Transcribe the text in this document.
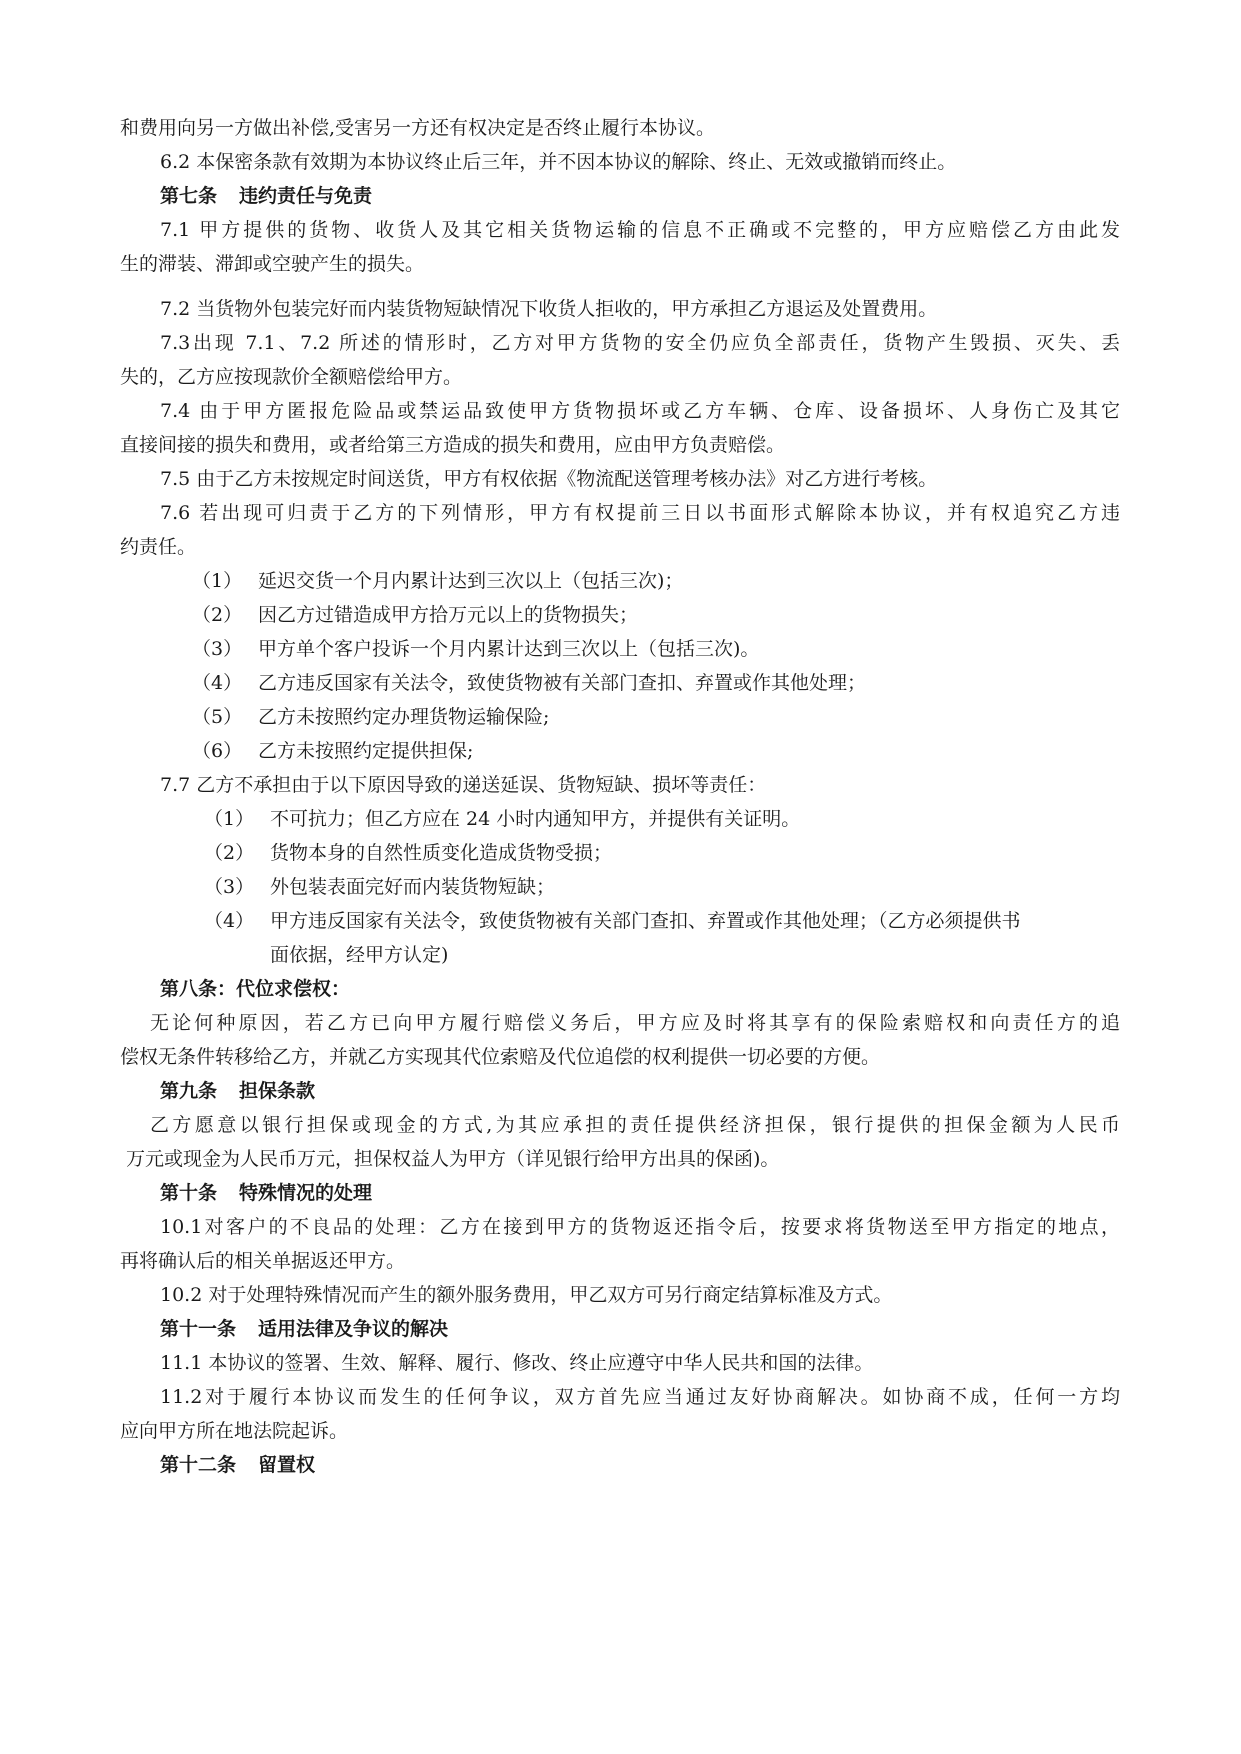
和费用向另一方做出补偿,受害另一方还有权决定是否终止履行本协议。
6.2 本保密条款有效期为本协议终止后三年，并不因本协议的解除、终止、无效或撤销而终止。
第七条 违约责任与免责
7.1 甲方提供的货物、收货人及其它相关货物运输的信息不正确或不完整的，甲方应赔偿乙方由此发
生的滞装、滞卸或空驶产生的损失。
7.2 当货物外包装完好而内装货物短缺情况下收货人拒收的，甲方承担乙方退运及处置费用。
7.3出现 7.1、7.2 所述的情形时，乙方对甲方货物的安全仍应负全部责任，货物产生毁损、灭失、丢
失的，乙方应按现款价全额赔偿给甲方。
7.4 由于甲方匿报危险品或禁运品致使甲方货物损坏或乙方车辆、仓库、设备损坏、人身伤亡及其它
直接间接的损失和费用，或者给第三方造成的损失和费用，应由甲方负责赔偿。
7.5 由于乙方未按规定时间送货，甲方有权依据《物流配送管理考核办法》对乙方进行考核。
7.6 若出现可归责于乙方的下列情形，甲方有权提前三日以书面形式解除本协议，并有权追究乙方违
约责任。
（1） 延迟交货一个月内累计达到三次以上（包括三次)；
（2） 因乙方过错造成甲方拾万元以上的货物损失；
（3） 甲方单个客户投诉一个月内累计达到三次以上（包括三次)。
（4） 乙方违反国家有关法令，致使货物被有关部门查扣、弃置或作其他处理；
（5） 乙方未按照约定办理货物运输保险;
（6） 乙方未按照约定提供担保;
7.7 乙方不承担由于以下原因导致的递送延误、货物短缺、损坏等责任：
（1） 不可抗力；但乙方应在 24 小时内通知甲方，并提供有关证明。
（2） 货物本身的自然性质变化造成货物受损；
（3） 外包装表面完好而内装货物短缺；
（4） 甲方违反国家有关法令，致使货物被有关部门查扣、弃置或作其他处理；（乙方必须提供书
面依据，经甲方认定)
第八条：代位求偿权：
无论何种原因，若乙方已向甲方履行赔偿义务后，甲方应及时将其享有的保险索赔权和向责任方的追
偿权无条件转移给乙方，并就乙方实现其代位索赔及代位追偿的权利提供一切必要的方便。
第九条 担保条款
乙方愿意以银行担保或现金的方式,为其应承担的责任提供经济担保，银行提供的担保金额为人民币
万元或现金为人民币万元，担保权益人为甲方（详见银行给甲方出具的保函)。
第十条 特殊情况的处理
10.1对客户的不良品的处理：乙方在接到甲方的货物返还指令后，按要求将货物送至甲方指定的地点，
再将确认后的相关单据返还甲方。
10.2 对于处理特殊情况而产生的额外服务费用，甲乙双方可另行商定结算标准及方式。
第十一条 适用法律及争议的解决
11.1 本协议的签署、生效、解释、履行、修改、终止应遵守中华人民共和国的法律。
11.2对于履行本协议而发生的任何争议，双方首先应当通过友好协商解决。如协商不成，任何一方均
应向甲方所在地法院起诉。
第十二条 留置权
